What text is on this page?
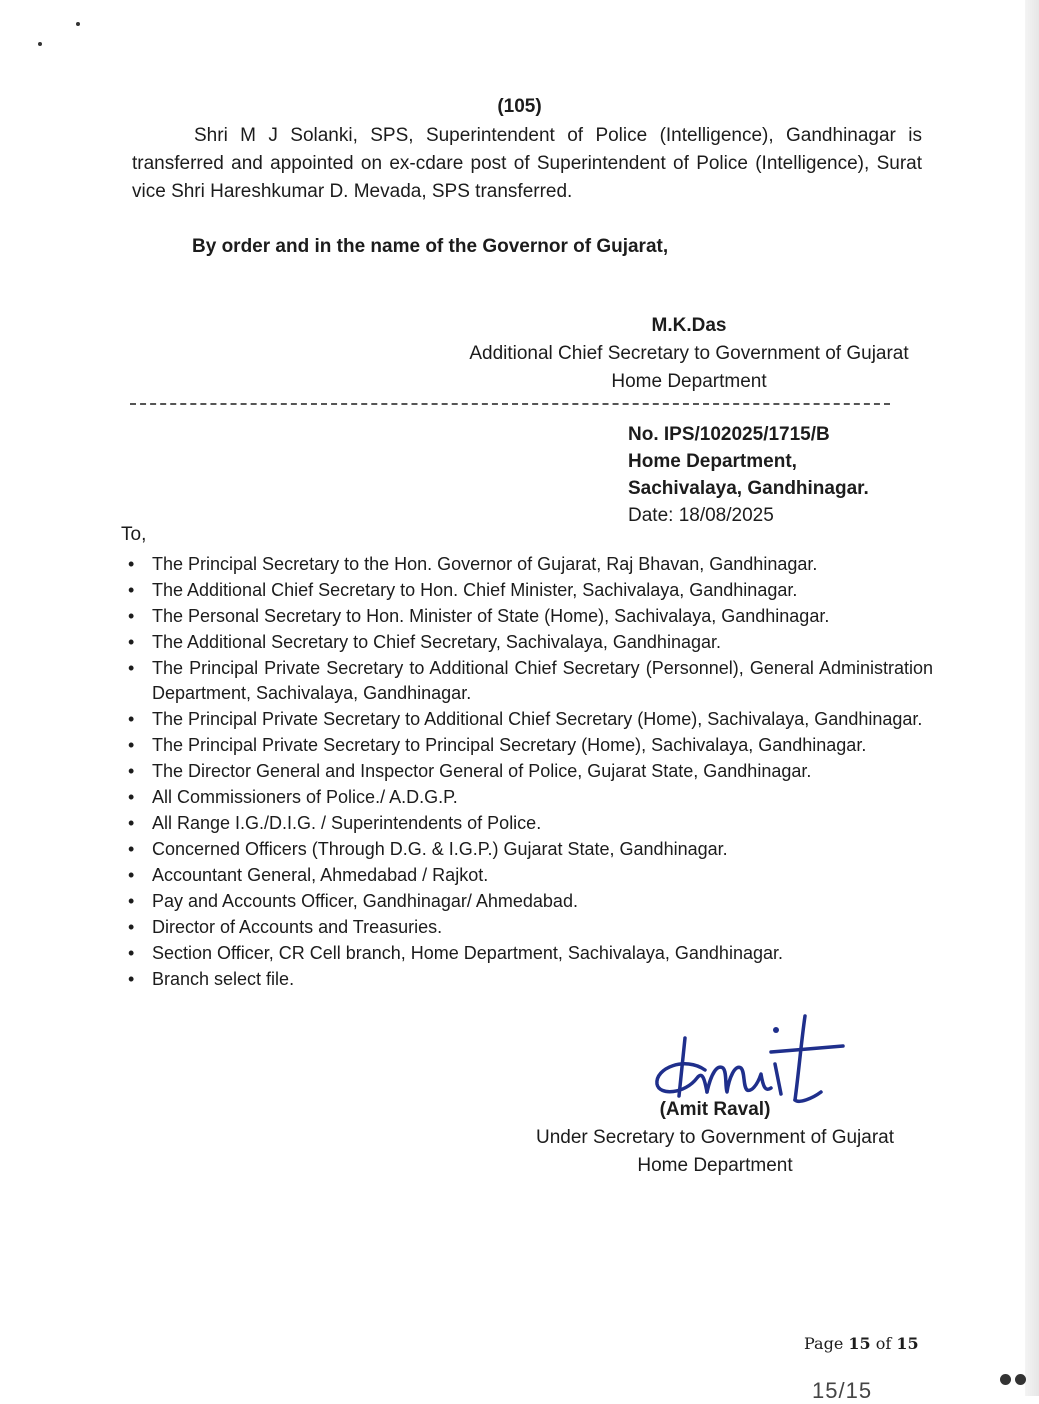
(105)
Shri M J Solanki, SPS, Superintendent of Police (Intelligence), Gandhinagar is transferred and appointed on ex-cdare post of Superintendent of Police (Intelligence), Surat vice Shri Hareshkumar D. Mevada, SPS transferred.
By order and in the name of the Governor of Gujarat,
M.K.Das
Additional Chief Secretary to Government of Gujarat
Home Department
No. IPS/102025/1715/B
Home Department,
Sachivalaya, Gandhinagar.
Date: 18/08/2025
To,
• The Principal Secretary to the Hon. Governor of Gujarat, Raj Bhavan, Gandhinagar.
• The Additional Chief Secretary to Hon. Chief Minister, Sachivalaya, Gandhinagar.
• The Personal Secretary to Hon. Minister of State (Home), Sachivalaya, Gandhinagar.
• The Additional Secretary to Chief Secretary, Sachivalaya, Gandhinagar.
• The Principal Private Secretary to Additional Chief Secretary (Personnel), General Administration Department, Sachivalaya, Gandhinagar.
• The Principal Private Secretary to Additional Chief Secretary (Home), Sachivalaya, Gandhinagar.
• The Principal Private Secretary to Principal Secretary (Home), Sachivalaya, Gandhinagar.
• The Director General and Inspector General of Police, Gujarat State, Gandhinagar.
• All Commissioners of Police./ A.D.G.P.
• All Range I.G./D.I.G. / Superintendents of Police.
• Concerned Officers (Through D.G. & I.G.P.) Gujarat State, Gandhinagar.
• Accountant General, Ahmedabad / Rajkot.
• Pay and Accounts Officer, Gandhinagar/ Ahmedabad.
• Director of Accounts and Treasuries.
• Section Officer, CR Cell branch, Home Department, Sachivalaya, Gandhinagar.
• Branch select file.
(Amit Raval)
Under Secretary to Government of Gujarat
Home Department
Page 15 of 15
15/15
